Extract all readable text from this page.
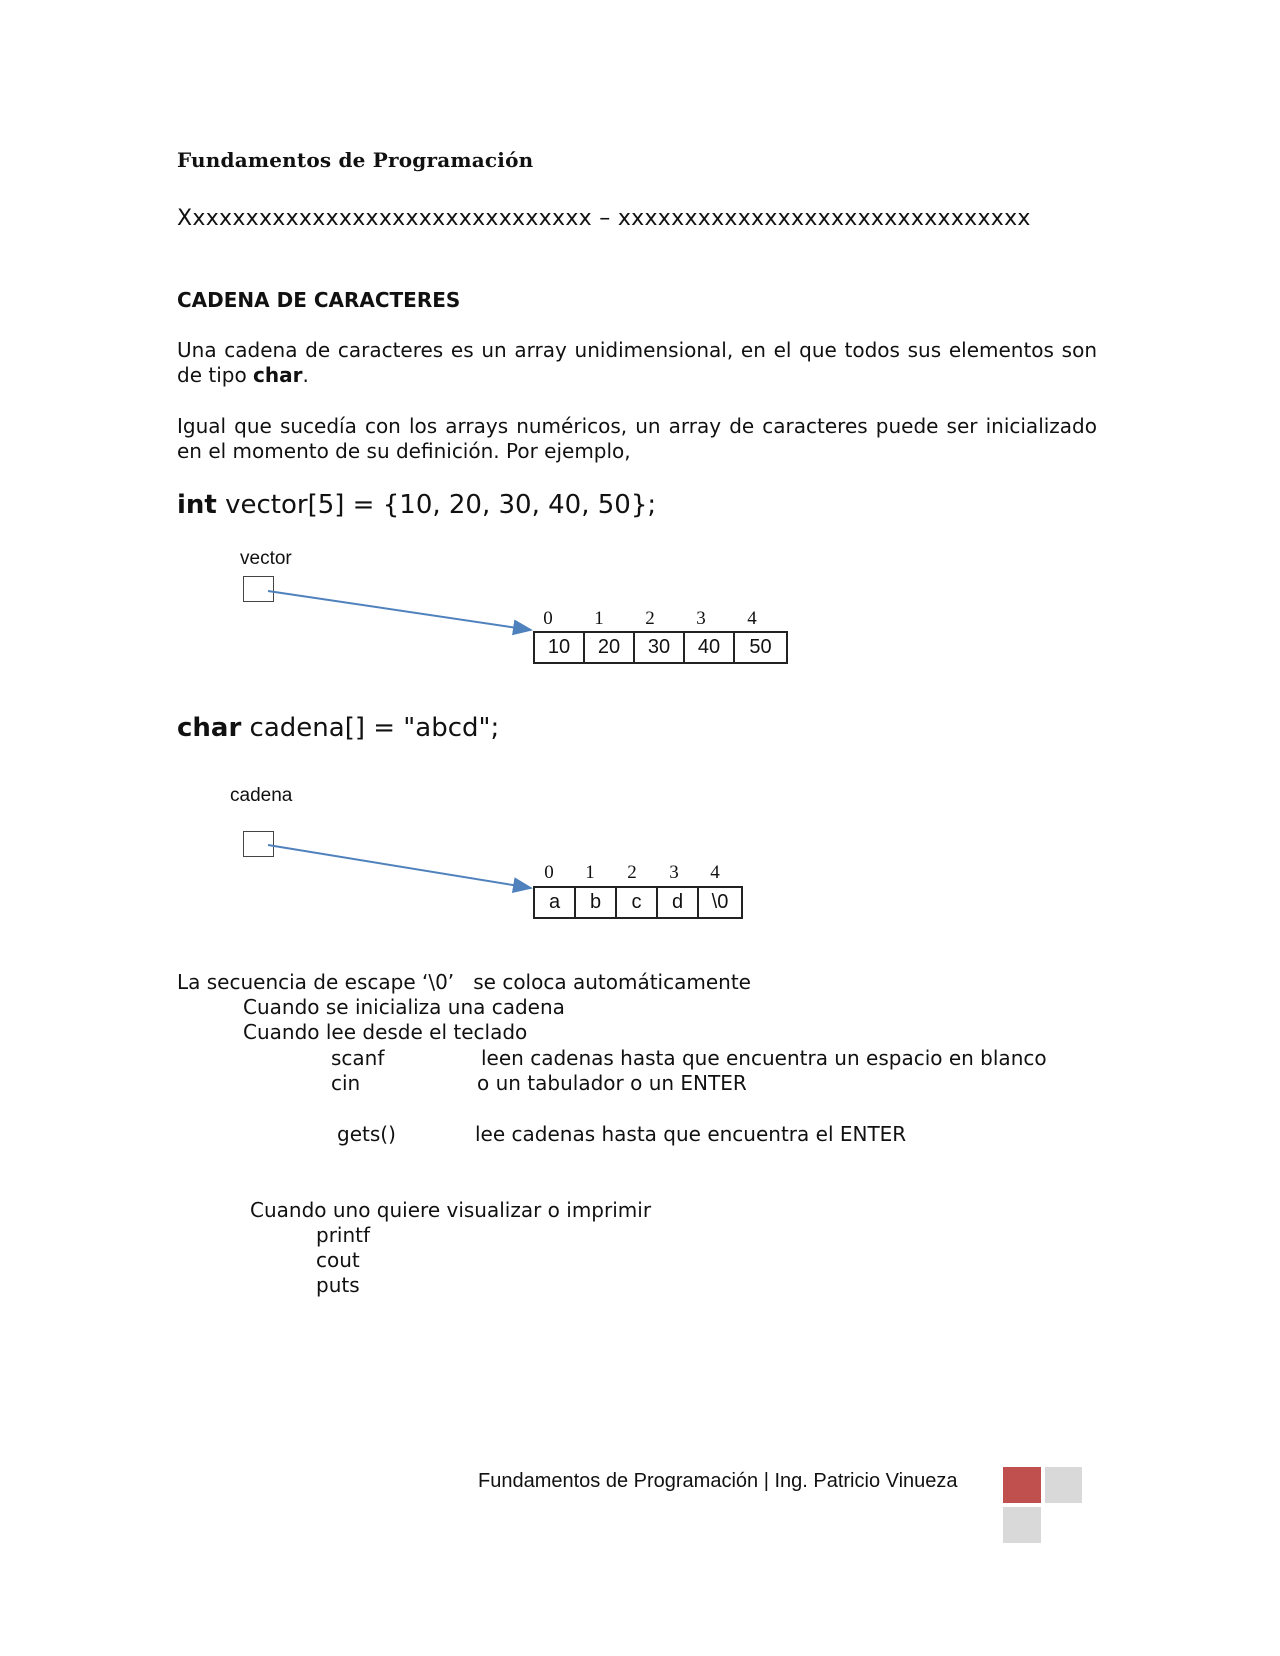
Fundamentos de Programación
Xxxxxxxxxxxxxxxxxxxxxxxxxxxxxxx – xxxxxxxxxxxxxxxxxxxxxxxxxxxxxxx
CADENA DE CARACTERES
Una cadena de caracteres es un array unidimensional, en el que todos sus elementos son de tipo char.
Igual que sucedía con los arrays numéricos, un array de caracteres puede ser inicializado en el momento de su definición. Por ejemplo,
int vector[5] = {10, 20, 30, 40, 50};
vector
0 1 2 3 4
10	20	30	40	50
char cadena[] = "abcd";
cadena
0 1 2 3 4
a	b	c	d	\0
La secuencia de escape ‘\0’   se coloca automáticamente
Cuando se inicializa una cadena
Cuando lee desde el teclado
scanf	leen cadenas hasta que encuentra un espacio en blanco
cin	o un tabulador o un ENTER
gets()	lee cadenas hasta que encuentra el ENTER
Cuando uno quiere visualizar o imprimir
printf
cout
puts
Fundamentos de Programación | Ing. Patricio Vinueza
